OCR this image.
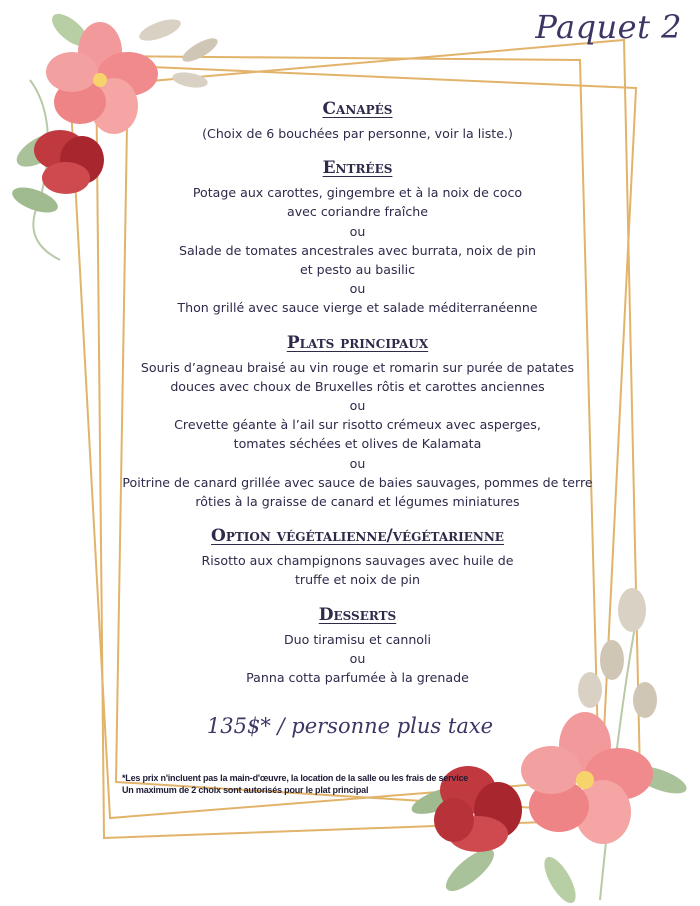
Paquet 2
Canapés
(Choix de 6 bouchées par personne, voir la liste.)
Entrées
Potage aux carottes, gingembre et à la noix de coco
avec coriandre fraîche
ou
Salade de tomates ancestrales avec burrata, noix de pin
et pesto au basilic
ou
Thon grillé avec sauce vierge et salade méditerranéenne
Plats principaux
Souris d’agneau braisé au vin rouge et romarin sur purée de patates
douces avec choux de Bruxelles rôtis et carottes anciennes
ou
Crevette géante à l’ail sur risotto crémeux avec asperges,
tomates séchées et olives de Kalamata
ou
Poitrine de canard grillée avec sauce de baies sauvages, pommes de terre
rôties à la graisse de canard et légumes miniatures
Option végétalienne/végétarienne
Risotto aux champignons sauvages avec huile de
truffe et noix de pin
Desserts
Duo tiramisu et cannoli
ou
Panna cotta parfumée à la grenade
135$* / personne plus taxe
*Les prix n'incluent pas la main-d'œuvre, la location de la salle ou les frais de service
Un maximum de 2 choix sont autorisés pour le plat principal
